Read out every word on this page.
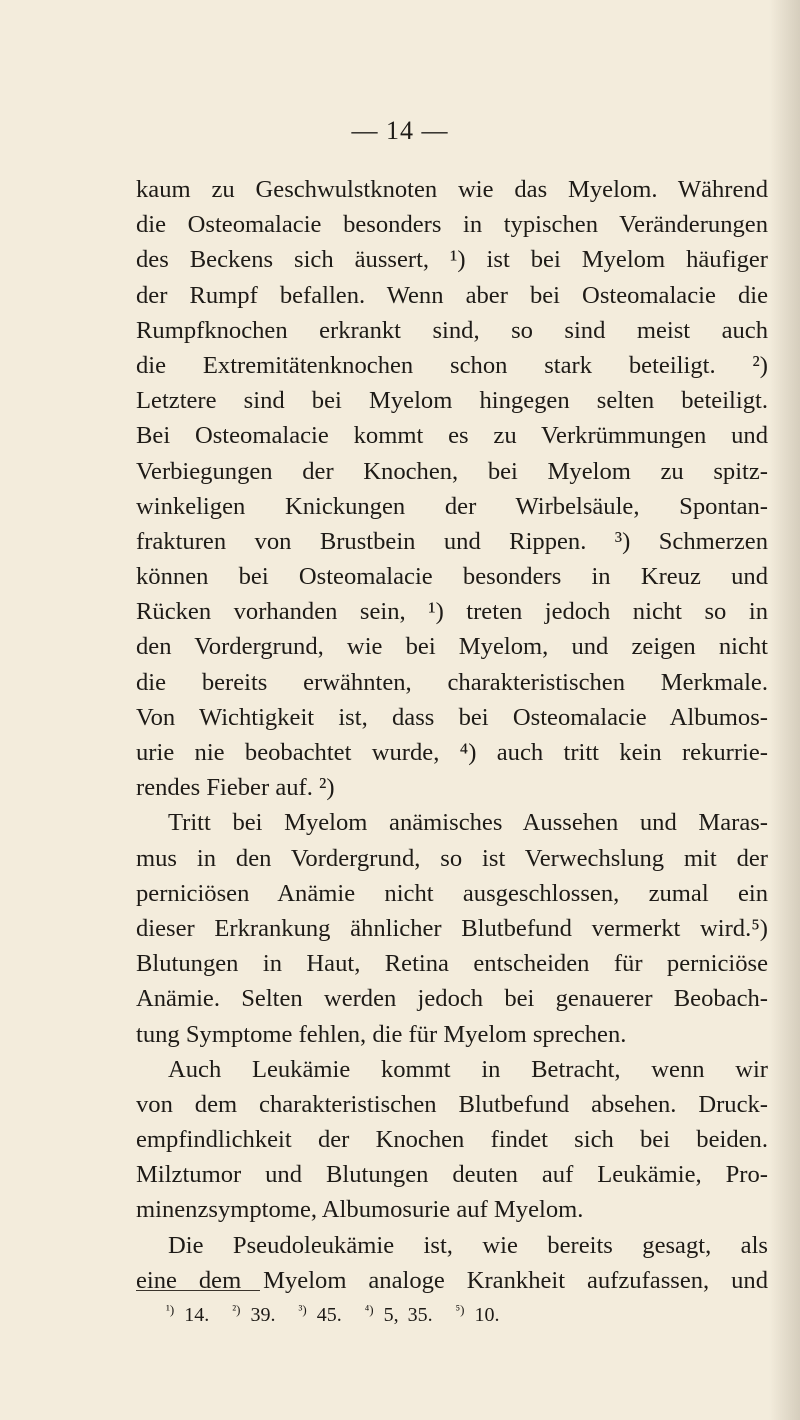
— 14 —
kaum zu Geschwulstknoten wie das Myelom. Während
die Osteomalacie besonders in typischen Veränderungen
des Beckens sich äussert, ¹) ist bei Myelom häufiger
der Rumpf befallen. Wenn aber bei Osteomalacie die
Rumpfknochen erkrankt sind, so sind meist auch
die Extremitätenknochen schon stark beteiligt. ²)
Letztere sind bei Myelom hingegen selten beteiligt.
Bei Osteomalacie kommt es zu Verkrümmungen und
Verbiegungen der Knochen, bei Myelom zu spitz-
winkeligen Knickungen der Wirbelsäule, Spontan-
frakturen von Brustbein und Rippen. ³) Schmerzen
können bei Osteomalacie besonders in Kreuz und
Rücken vorhanden sein, ¹) treten jedoch nicht so in
den Vordergrund, wie bei Myelom, und zeigen nicht
die bereits erwähnten, charakteristischen Merkmale.
Von Wichtigkeit ist, dass bei Osteomalacie Albumos-
urie nie beobachtet wurde, ⁴) auch tritt kein rekurrie-
rendes Fieber auf. ²)
Tritt bei Myelom anämisches Aussehen und Maras-
mus in den Vordergrund, so ist Verwechslung mit der
perniciösen Anämie nicht ausgeschlossen, zumal ein
dieser Erkrankung ähnlicher Blutbefund vermerkt wird.⁵)
Blutungen in Haut, Retina entscheiden für perniciöse
Anämie. Selten werden jedoch bei genauerer Beobach-
tung Symptome fehlen, die für Myelom sprechen.
Auch Leukämie kommt in Betracht, wenn wir
von dem charakteristischen Blutbefund absehen. Druck-
empfindlichkeit der Knochen findet sich bei beiden.
Milztumor und Blutungen deuten auf Leukämie, Pro-
minenzsymptome, Albumosurie auf Myelom.
Die Pseudoleukämie ist, wie bereits gesagt, als
eine dem Myelom analoge Krankheit aufzufassen, und
$^{^1)}$ 14. $^{^2)}$ 39. $^{^3)}$ 45. $^{^4)}$ 5, 35. $^{^5)}$ 10.
